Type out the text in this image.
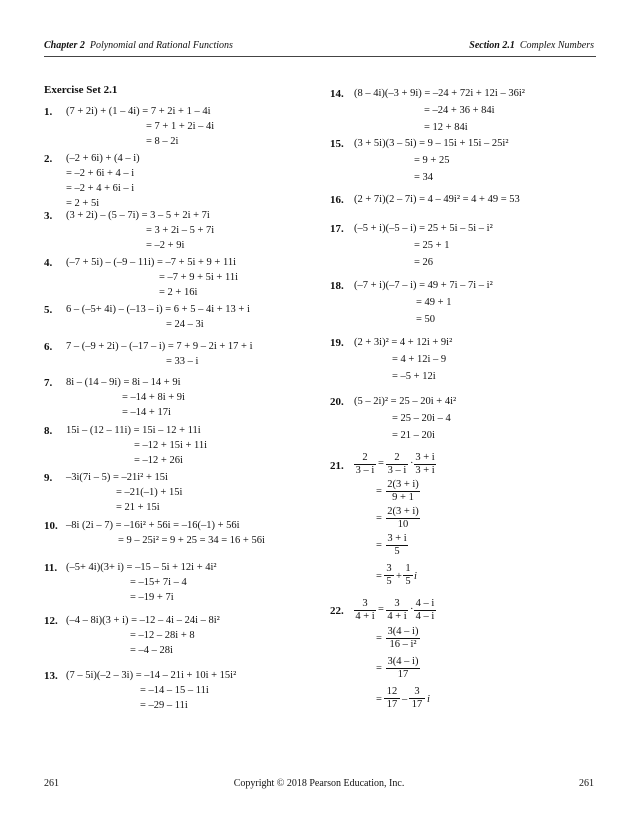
Chapter 2 Polynomial and Rational Functions	Section 2.1 Complex Numbers
Exercise Set 2.1
1. (7 + 2i) + (1 – 4i) = 7 + 2i + 1 – 4i
= 7 + 1 + 2i – 4i
= 8 – 2i
2. (–2 + 6i) + (4 – i)
= –2 + 6i + 4 – i
= –2 + 4 + 6i – i
= 2 + 5i
3. (3 + 2i) – (5 – 7i) = 3 – 5 + 2i + 7i
= 3 + 2i – 5 + 7i
= –2 + 9i
4. (–7 + 5i) – (–9 – 11i) = –7 + 5i + 9 + 11i
= –7 + 9 + 5i + 11i
= 2 + 16i
5. 6 – (–5+ 4i) – (–13 – i) = 6 + 5 – 4i + 13 + i
= 24 – 3i
6. 7 – (–9 + 2i) – (–17 – i) = 7 + 9 – 2i + 17 + i
= 33 – i
7. 8i – (14 – 9i) = 8i – 14 + 9i
= –14 + 8i + 9i
= –14 + 17i
8. 15i – (12 – 11i) = 15i – 12 + 11i
= –12 + 15i + 11i
= –12 + 26i
9. –3i(7i – 5) = –21i² + 15i
= –21(–1) + 15i
= 21 + 15i
10. –8i (2i – 7) = –16i² + 56i = –16(–1) + 56i
= 9 – 25i² = 9 + 25 = 34 = 16 + 56i
11. (–5+ 4i)(3+ i) = –15 – 5i + 12i + 4i²
= –15+ 7i – 4
= –19 + 7i
12. (–4 – 8i)(3 + i) = –12 – 4i – 24i – 8i²
= –12 – 28i + 8
= –4 – 28i
13. (7 – 5i)(–2 – 3i) = –14 – 21i + 10i + 15i²
= –14 – 15 – 11i
= –29 – 11i
14. (8 – 4i)(–3 + 9i) = –24 + 72i + 12i – 36i²
= –24 + 36 + 84i
= 12 + 84i
15. (3 + 5i)(3 – 5i) = 9 – 15i + 15i – 25i²
= 9 + 25
= 34
16. (2 + 7i)(2 – 7i) = 4 – 49i² = 4 + 49 = 53
17. (–5 + i)(–5 – i) = 25 + 5i – 5i – i²
= 25 + 1
= 26
18. (–7 + i)(–7 – i) = 49 + 7i – 7i – i²
= 49 + 1
= 50
19. (2 + 3i)² = 4 + 12i + 9i²
= 4 + 12i – 9
= –5 + 12i
20. (5 – 2i)² = 25 – 20i + 4i²
= 25 – 20i – 4
= 21 – 20i
21. $\frac{2}{3 - i} = \frac{2}{3 - i} \cdot \frac{3 + i}{3 + i}$
= $\frac{2(3 + i)}{9 + 1}$
= $\frac{2(3 + i)}{10}$
= $\frac{3 + i}{5}$
= $\frac{3}{5} + \frac{1}{5}$ i
22. $\frac{3}{4 + i} = \frac{3}{4 + i} \cdot \frac{4 - i}{4 - i}$
= $\frac{3(4 - i)}{\text{16 – i²}}$
= $\frac{3(4 - i)}{17}$
= $\frac{12}{17} - \frac{3}{17}$ i
261	Copyright © 2018 Pearson Education, Inc.	261
